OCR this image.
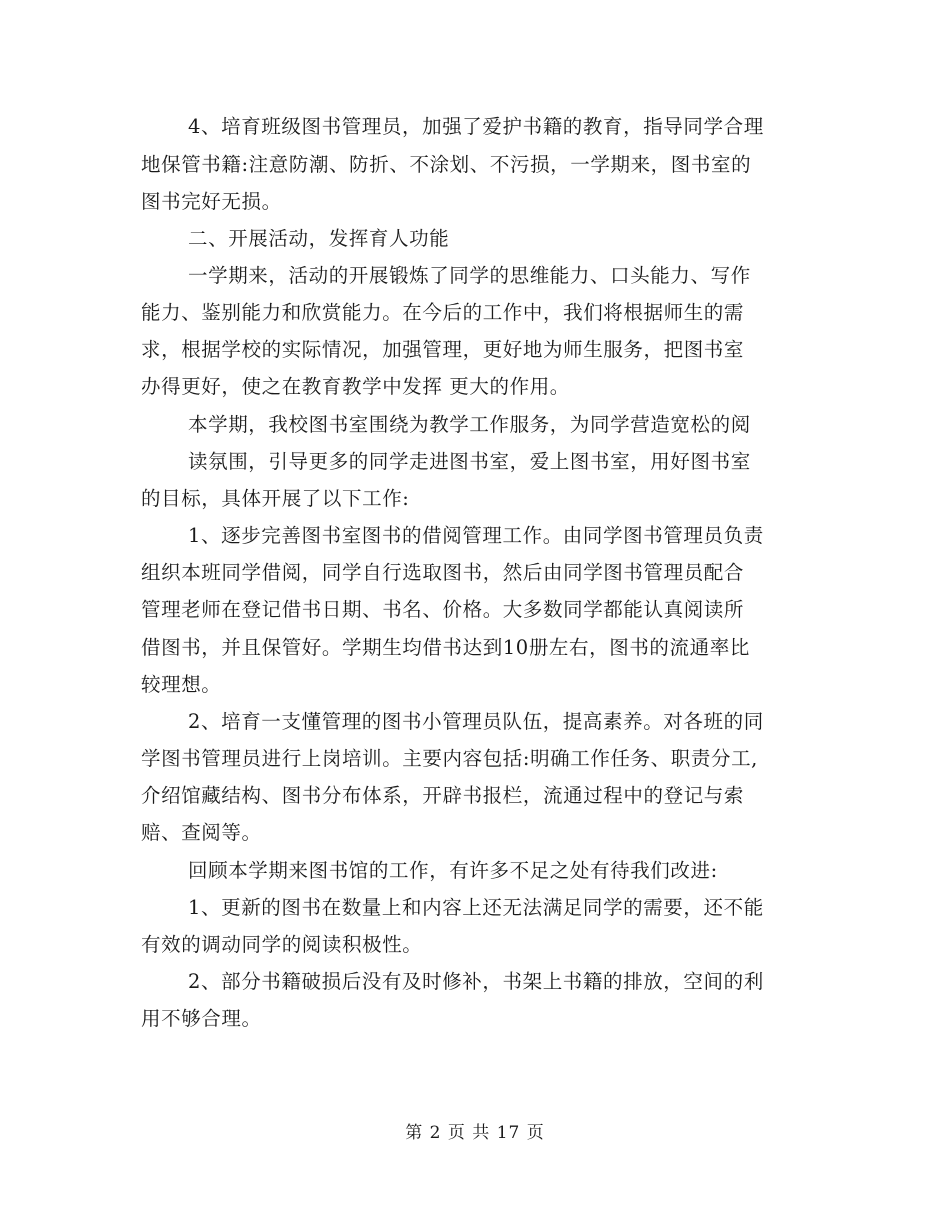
4、培育班级图书管理员，加强了爱护书籍的教育，指导同学合理
地保管书籍:注意防潮、防折、不涂划、不污损，一学期来，图书室的
图书完好无损。
二、开展活动，发挥育人功能
一学期来，活动的开展锻炼了同学的思维能力、口头能力、写作
能力、鉴别能力和欣赏能力。在今后的工作中，我们将根据师生的需
求，根据学校的实际情况，加强管理，更好地为师生服务，把图书室
办得更好，使之在教育教学中发挥 更大的作用。
本学期，我校图书室围绕为教学工作服务，为同学营造宽松的阅
读氛围，引导更多的同学走进图书室，爱上图书室，用好图书室
的目标，具体开展了以下工作:
1、逐步完善图书室图书的借阅管理工作。由同学图书管理员负责
组织本班同学借阅，同学自行选取图书，然后由同学图书管理员配合
管理老师在登记借书日期、书名、价格。大多数同学都能认真阅读所
借图书，并且保管好。学期生均借书达到10册左右，图书的流通率比
较理想。
2、培育一支懂管理的图书小管理员队伍，提高素养。对各班的同
学图书管理员进行上岗培训。主要内容包括:明确工作任务、职责分工,
介绍馆藏结构、图书分布体系，开辟书报栏，流通过程中的登记与索
赔、查阅等。
回顾本学期来图书馆的工作，有许多不足之处有待我们改进:
1、更新的图书在数量上和内容上还无法满足同学的需要，还不能
有效的调动同学的阅读积极性。
2、部分书籍破损后没有及时修补，书架上书籍的排放，空间的利
用不够合理。
第 2 页 共 17 页
